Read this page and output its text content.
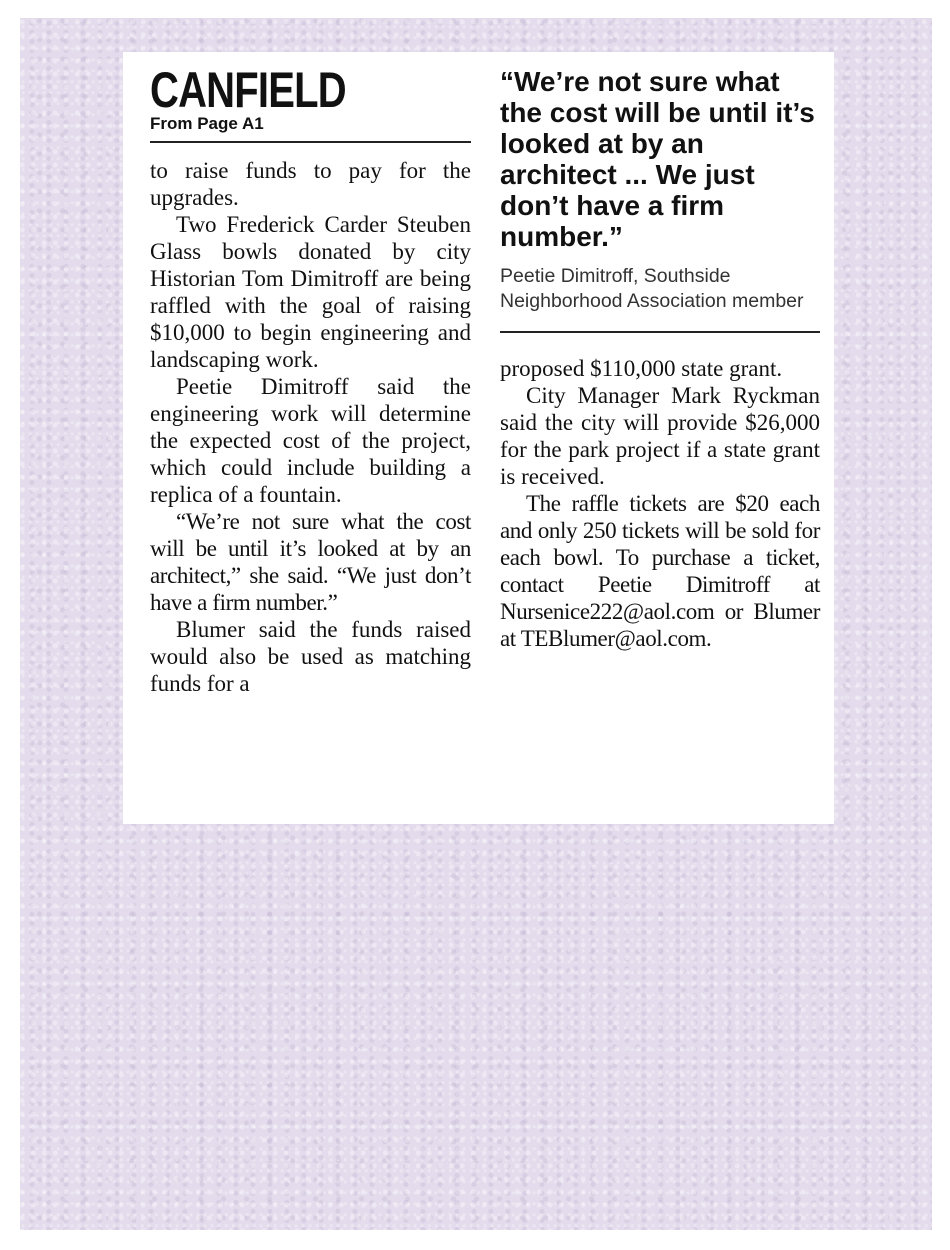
CANFIELD

From Page A1

to raise funds to pay for the upgrades.

Two Frederick Carder Steuben Glass bowls donated by city Historian Tom Dimitroff are being raffled with the goal of raising $10,000 to begin engineering and landscaping work.

Peetie Dimitroff said the engineering work will determine the expected cost of the project, which could include building a replica of a fountain.

“We’re not sure what the cost will be until it’s looked at by an architect,” she said. “We just don’t have a firm number.”

Blumer said the funds raised would also be used as matching funds for a

“We’re not sure what the cost will be until it’s looked at by an architect ... We just don’t have a firm number.”

Peetie Dimitroff, Southside Neighborhood Association member

proposed $110,000 state grant.

City Manager Mark Ryckman said the city will provide $26,000 for the park project if a state grant is received.

The raffle tickets are $20 each and only 250 tickets will be sold for each bowl. To purchase a ticket, contact Peetie Dimitroff at Nursenice222@aol.com or Blumer at TEBlumer@aol.com.
